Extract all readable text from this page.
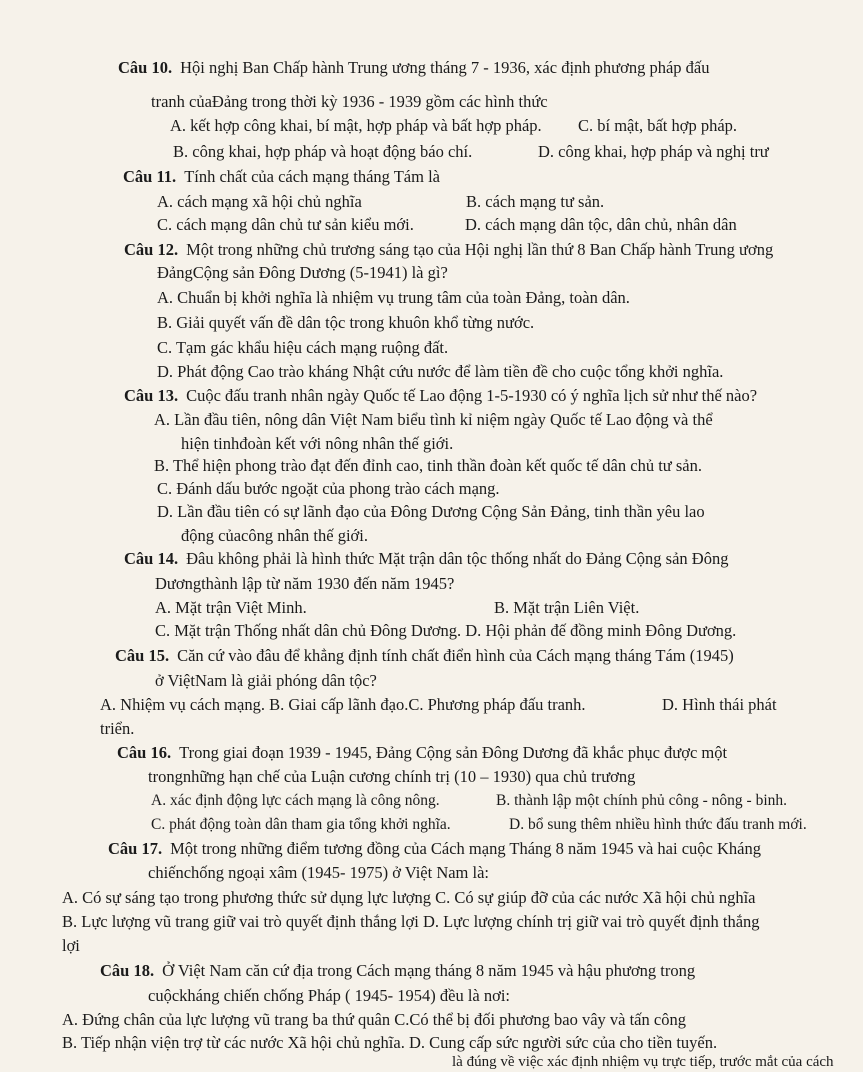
Câu 10. Hội nghị Ban Chấp hành Trung ương tháng 7 - 1936, xác định phương pháp đấu
tranh củaĐảng trong thời kỳ 1936 - 1939 gồm các hình thức
A. kết hợp công khai, bí mật, hợp pháp và bất hợp pháp. C. bí mật, bất hợp pháp.
B. công khai, hợp pháp và hoạt động báo chí.	D. công khai, hợp pháp và nghị trư
Câu 11. Tính chất của cách mạng tháng Tám là
A. cách mạng xã hội chủ nghĩa	B. cách mạng tư sản.
C. cách mạng dân chủ tư sản kiểu mới.	D. cách mạng dân tộc, dân chủ, nhân dân
Câu 12. Một trong những chủ trương sáng tạo của Hội nghị lần thứ 8 Ban Chấp hành Trung ương
ĐảngCộng sản Đông Dương (5-1941) là gì?
A. Chuẩn bị khởi nghĩa là nhiệm vụ trung tâm của toàn Đảng, toàn dân.
B. Giải quyết vấn đề dân tộc trong khuôn khổ từng nước.
C. Tạm gác khẩu hiệu cách mạng ruộng đất.
D. Phát động Cao trào kháng Nhật cứu nước để làm tiền đề cho cuộc tổng khởi nghĩa.
Câu 13. Cuộc đấu tranh nhân ngày Quốc tế Lao động 1-5-1930 có ý nghĩa lịch sử như thế nào?
A. Lần đầu tiên, nông dân Việt Nam biểu tình kỉ niệm ngày Quốc tế Lao động và thể
hiện tinhđoàn kết với nông nhân thế giới.
B. Thể hiện phong trào đạt đến đỉnh cao, tinh thần đoàn kết quốc tế dân chủ tư sản.
C. Đánh dấu bước ngoặt của phong trào cách mạng.
D. Lần đầu tiên có sự lãnh đạo của Đông Dương Cộng Sản Đảng, tinh thần yêu lao
động củacông nhân thế giới.
Câu 14. Đâu không phải là hình thức Mặt trận dân tộc thống nhất do Đảng Cộng sản Đông
Dươngthành lập từ năm 1930 đến năm 1945?
A. Mặt trận Việt Minh.	B. Mặt trận Liên Việt.
C. Mặt trận Thống nhất dân chủ Đông Dương. D. Hội phản đế đồng minh Đông Dương.
Câu 15. Căn cứ vào đâu để khẳng định tính chất điển hình của Cách mạng tháng Tám (1945)
ở ViệtNam là giải phóng dân tộc?
A. Nhiệm vụ cách mạng. B. Giai cấp lãnh đạo.C. Phương pháp đấu tranh.	D. Hình thái phát
triển.
Câu 16. Trong giai đoạn 1939 - 1945, Đảng Cộng sản Đông Dương đã khắc phục được một
trongnhững hạn chế của Luận cương chính trị (10 – 1930) qua chủ trương
A. xác định động lực cách mạng là công nông.	B. thành lập một chính phủ công - nông - binh.
C. phát động toàn dân tham gia tổng khởi nghĩa.	D. bổ sung thêm nhiều hình thức đấu tranh mới.
Câu 17. Một trong những điểm tương đồng của Cách mạng Tháng 8 năm 1945 và hai cuộc Kháng
chiếnchống ngoại xâm (1945- 1975) ở Việt Nam là:
A. Có sự sáng tạo trong phương thức sử dụng lực lượng C. Có sự giúp đỡ của các nước Xã hội chủ nghĩa
B. Lực lượng vũ trang giữ vai trò quyết định thắng lợi D. Lực lượng chính trị giữ vai trò quyết định thắng
lợi
Câu 18. Ở Việt Nam căn cứ địa trong Cách mạng tháng 8 năm 1945 và hậu phương trong
cuộckháng chiến chống Pháp ( 1945- 1954) đều là nơi:
A. Đứng chân của lực lượng vũ trang ba thứ quân C.Có thể bị đối phương bao vây và tấn công
B. Tiếp nhận viện trợ từ các nước Xã hội chủ nghĩa. D. Cung cấp sức người sức của cho tiền tuyến.
là đúng về việc xác định nhiệm vụ trực tiếp, trước mắt của cách
